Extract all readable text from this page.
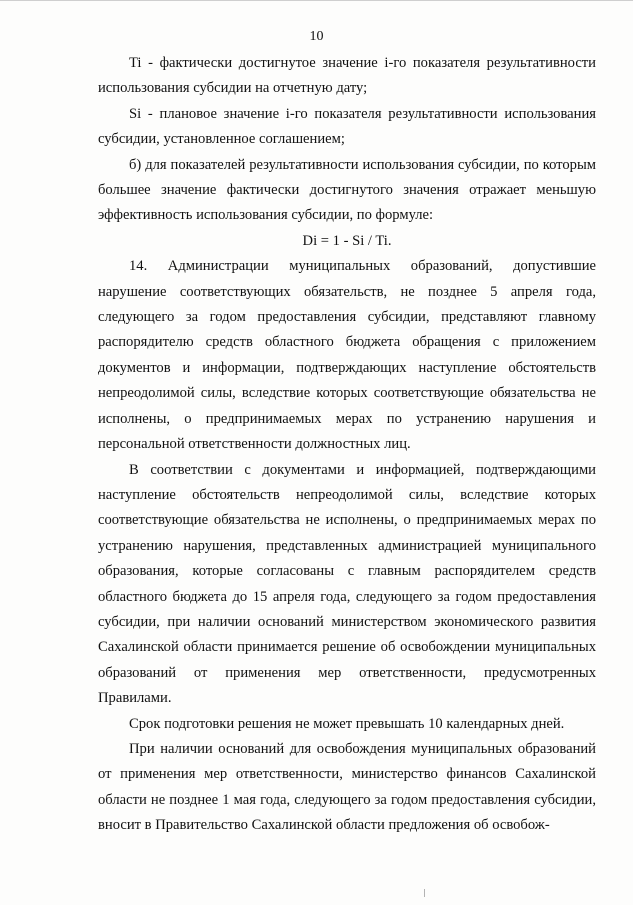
10

Ti - фактически достигнутое значение i-го показателя результативности использования субсидии на отчетную дату;

Si - плановое значение i-го показателя результативности использования субсидии, установленное соглашением;

б) для показателей результативности использования субсидии, по которым большее значение фактически достигнутого значения отражает меньшую эффективность использования субсидии, по формуле:

Di = 1 - Si / Ti.

14. Администрации муниципальных образований, допустившие нарушение соответствующих обязательств, не позднее 5 апреля года, следующего за годом предоставления субсидии, представляют главному распорядителю средств областного бюджета обращения с приложением документов и информации, подтверждающих наступление обстоятельств непреодолимой силы, вследствие которых соответствующие обязательства не исполнены, о предпринимаемых мерах по устранению нарушения и персональной ответственности должностных лиц.

В соответствии с документами и информацией, подтверждающими наступление обстоятельств непреодолимой силы, вследствие которых соответствующие обязательства не исполнены, о предпринимаемых мерах по устранению нарушения, представленных администрацией муниципального образования, которые согласованы с главным распорядителем средств областного бюджета до 15 апреля года, следующего за годом предоставления субсидии, при наличии оснований министерством экономического развития Сахалинской области принимается решение об освобождении муниципальных образований от применения мер ответственности, предусмотренных Правилами.

Срок подготовки решения не может превышать 10 календарных дней.

При наличии оснований для освобождения муниципальных образований от применения мер ответственности, министерство финансов Сахалинской области не позднее 1 мая года, следующего за годом предоставления субсидии, вносит в Правительство Сахалинской области предложения об освобож-
